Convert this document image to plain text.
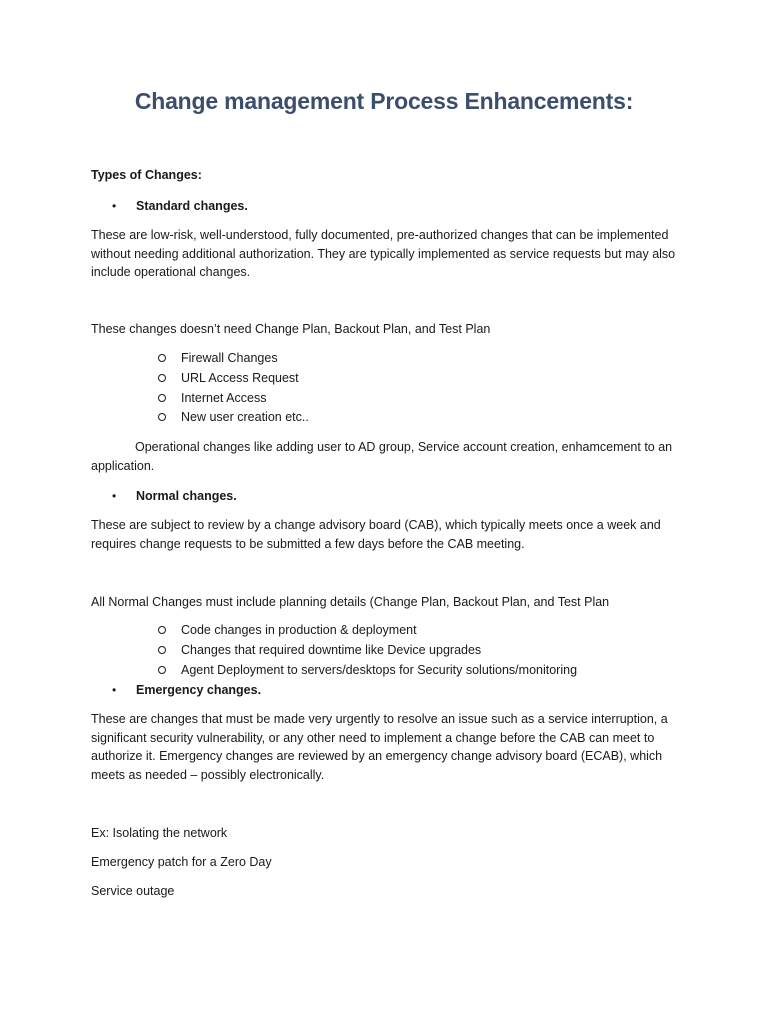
Change management Process Enhancements:
Types of Changes:
•	Standard changes.
These are low-risk, well-understood, fully documented, pre-authorized changes that can be implemented without needing additional authorization. They are typically implemented as service requests but may also include operational changes.
These changes doesn’t need Change Plan, Backout Plan, and Test Plan
Firewall Changes
URL Access Request
Internet Access
New user creation etc..
Operational changes like adding user to AD group, Service account creation, enhamcement to an application.
•	Normal changes.
These are subject to review by a change advisory board (CAB), which typically meets once a week and requires change requests to be submitted a few days before the CAB meeting.
All Normal Changes must include planning details (Change Plan, Backout Plan, and Test Plan
Code changes in production & deployment
Changes that required downtime like Device upgrades
Agent Deployment to servers/desktops for Security solutions/monitoring
•	Emergency changes.
These are changes that must be made very urgently to resolve an issue such as a service interruption, a significant security vulnerability, or any other need to implement a change before the CAB can meet to authorize it. Emergency changes are reviewed by an emergency change advisory board (ECAB), which meets as needed – possibly electronically.
Ex: Isolating the network
Emergency patch for a Zero Day
Service outage
